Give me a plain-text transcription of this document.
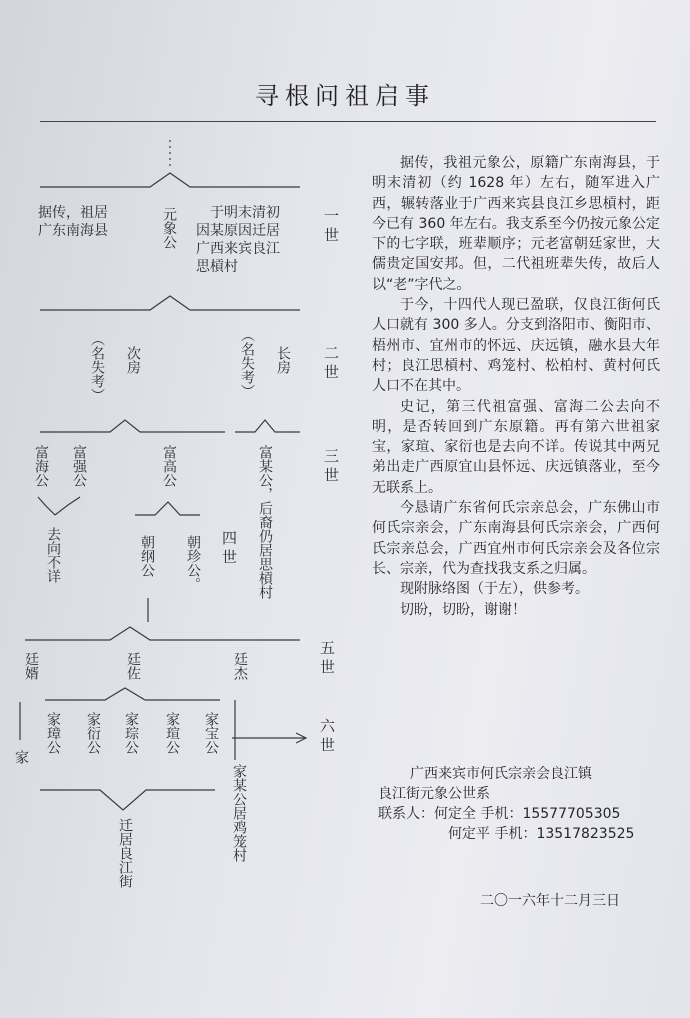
寻根问祖启事
据传，祖居
广东南海县	元象公 于明末清初
因某原因迁居
广西来宾良江
思槓村
（名失考） 次房	（名失考） 长房
富海公 富强公	富高公	富某公，后裔仍居思槓村
去向不详	朝纲公 朝珍公。
廷婿	廷佐	廷杰
家
家璋公 家衍公 家琮公 家瑄公 家宝公
家某公居鸡笼村
迁居良江街
一世
二世
三世
四世
五世
六世

据传，我祖元象公，原籍广东南海县，于明末清初（约 1628 年）左右，随军进入广西，辗转落业于广西来宾县良江乡思槓村，距今已有 360 年左右。我支系至今仍按元象公定下的七字联，班辈顺序；元老富朝廷家世，大儒贵定国安邦。但，二代祖班辈失传，故后人以“老”字代之。

于今，十四代人现已盈联，仅良江街何氏人口就有 300 多人。分支到洛阳市、衡阳市、梧州市、宜州市的怀远、庆远镇，融水县大年村；良江思槓村、鸡笼村、松柏村、黄村何氏人口不在其中。

史记，第三代祖富强、富海二公去向不明，是否转回到广东原籍。再有第六世祖家 宝，家瑄、家衍也是去向不详。传说其中两兄弟出走广西原宜山县怀远、庆远镇落业，至今无联系上。

今恳请广东省何氏宗亲总会，广东佛山市何氏宗亲会，广东南海县何氏宗亲会，广西何氏宗亲总会，广西宜州市何氏宗亲会及各位宗长、宗亲，代为查找我支系之归属。

现附脉络图（于左），供参考。

切盼，切盼，谢谢！

广西来宾市何氏宗亲会良江镇
良江街元象公世系
联系人：何定全 手机：15577705305
何定平 手机：13517823525
二〇一六年十二月三日
